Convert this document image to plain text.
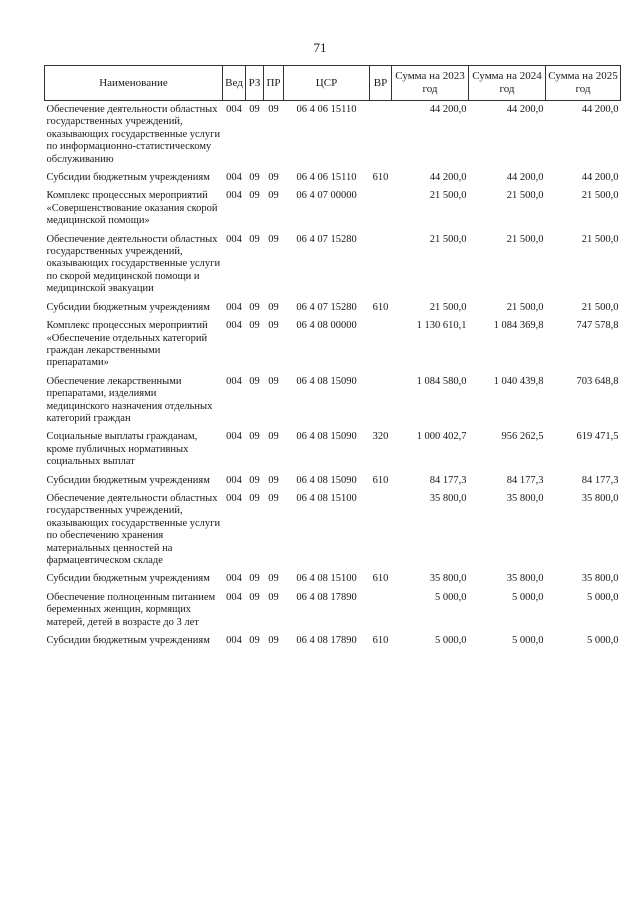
71
Наименование	Вед	РЗ	ПР	ЦСР	ВР	Сумма на 2023 год	Сумма на 2024 год	Сумма на 2025 год
Обеспечение деятельности областных государственных учреждений, оказывающих государственные услуги по информационно-статистическому обслуживанию	004	09	09	06 4 06 15110		44 200,0	44 200,0	44 200,0
Субсидии бюджетным учреждениям	004	09	09	06 4 06 15110	610	44 200,0	44 200,0	44 200,0
Комплекс процессных мероприятий «Совершенствование оказания скорой медицинской помощи»	004	09	09	06 4 07 00000		21 500,0	21 500,0	21 500,0
Обеспечение деятельности областных государственных учреждений, оказывающих государственные услуги по скорой медицинской помощи и медицинской эвакуации	004	09	09	06 4 07 15280		21 500,0	21 500,0	21 500,0
Субсидии бюджетным учреждениям	004	09	09	06 4 07 15280	610	21 500,0	21 500,0	21 500,0
Комплекс процессных мероприятий «Обеспечение отдельных категорий граждан лекарственными препаратами»	004	09	09	06 4 08 00000		1 130 610,1	1 084 369,8	747 578,8
Обеспечение лекарственными препаратами, изделиями медицинского назначения отдельных категорий граждан	004	09	09	06 4 08 15090		1 084 580,0	1 040 439,8	703 648,8
Социальные выплаты гражданам, кроме публичных нормативных социальных выплат	004	09	09	06 4 08 15090	320	1 000 402,7	956 262,5	619 471,5
Субсидии бюджетным учреждениям	004	09	09	06 4 08 15090	610	84 177,3	84 177,3	84 177,3
Обеспечение деятельности областных государственных учреждений, оказывающих государственные услуги по обеспечению хранения материальных ценностей на фармацевтическом складе	004	09	09	06 4 08 15100		35 800,0	35 800,0	35 800,0
Субсидии бюджетным учреждениям	004	09	09	06 4 08 15100	610	35 800,0	35 800,0	35 800,0
Обеспечение полноценным питанием беременных женщин, кормящих матерей, детей в возрасте до 3 лет	004	09	09	06 4 08 17890		5 000,0	5 000,0	5 000,0
Субсидии бюджетным учреждениям	004	09	09	06 4 08 17890	610	5 000,0	5 000,0	5 000,0
